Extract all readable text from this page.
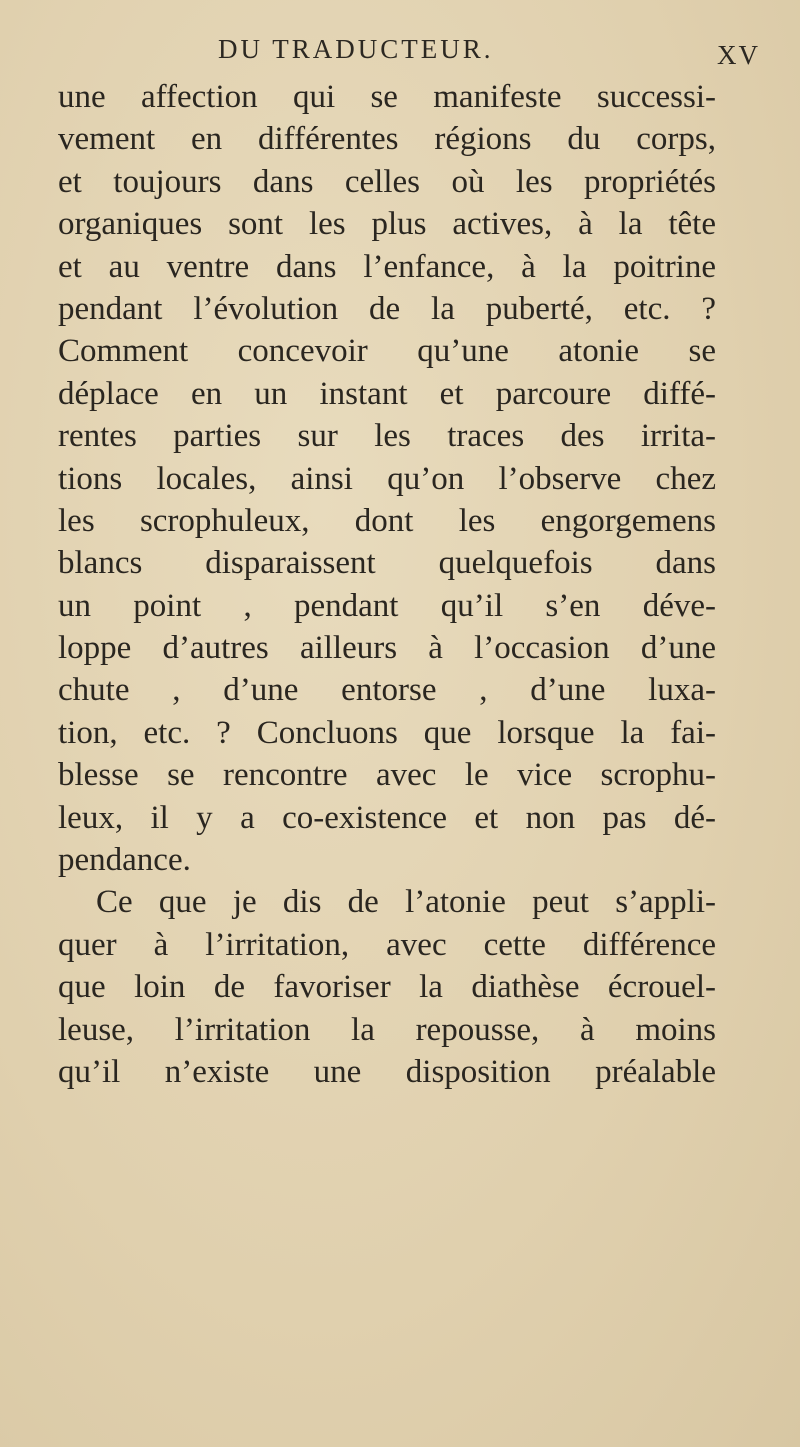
DU TRADUCTEUR.	XV
une affection qui se manifeste successi-
vement en différentes régions du corps,
et toujours dans celles où les propriétés
organiques sont les plus actives, à la tête
et au ventre dans l’enfance, à la poitrine
pendant l’évolution de la puberté, etc. ?
Comment concevoir qu’une atonie se
déplace en un instant et parcoure diffé-
rentes parties sur les traces des irrita-
tions locales, ainsi qu’on l’observe chez
les scrophuleux, dont les engorgemens
blancs disparaissent quelquefois dans
un point , pendant qu’il s’en déve-
loppe d’autres ailleurs à l’occasion d’une
chute , d’une entorse , d’une luxa-
tion, etc. ? Concluons que lorsque la fai-
blesse se rencontre avec le vice scrophu-
leux, il y a co-existence et non pas dé-
pendance.
Ce que je dis de l’atonie peut s’appli-
quer à l’irritation, avec cette différence
que loin de favoriser la diathèse écrouel-
leuse, l’irritation la repousse, à moins
qu’il n’existe une disposition préalable
